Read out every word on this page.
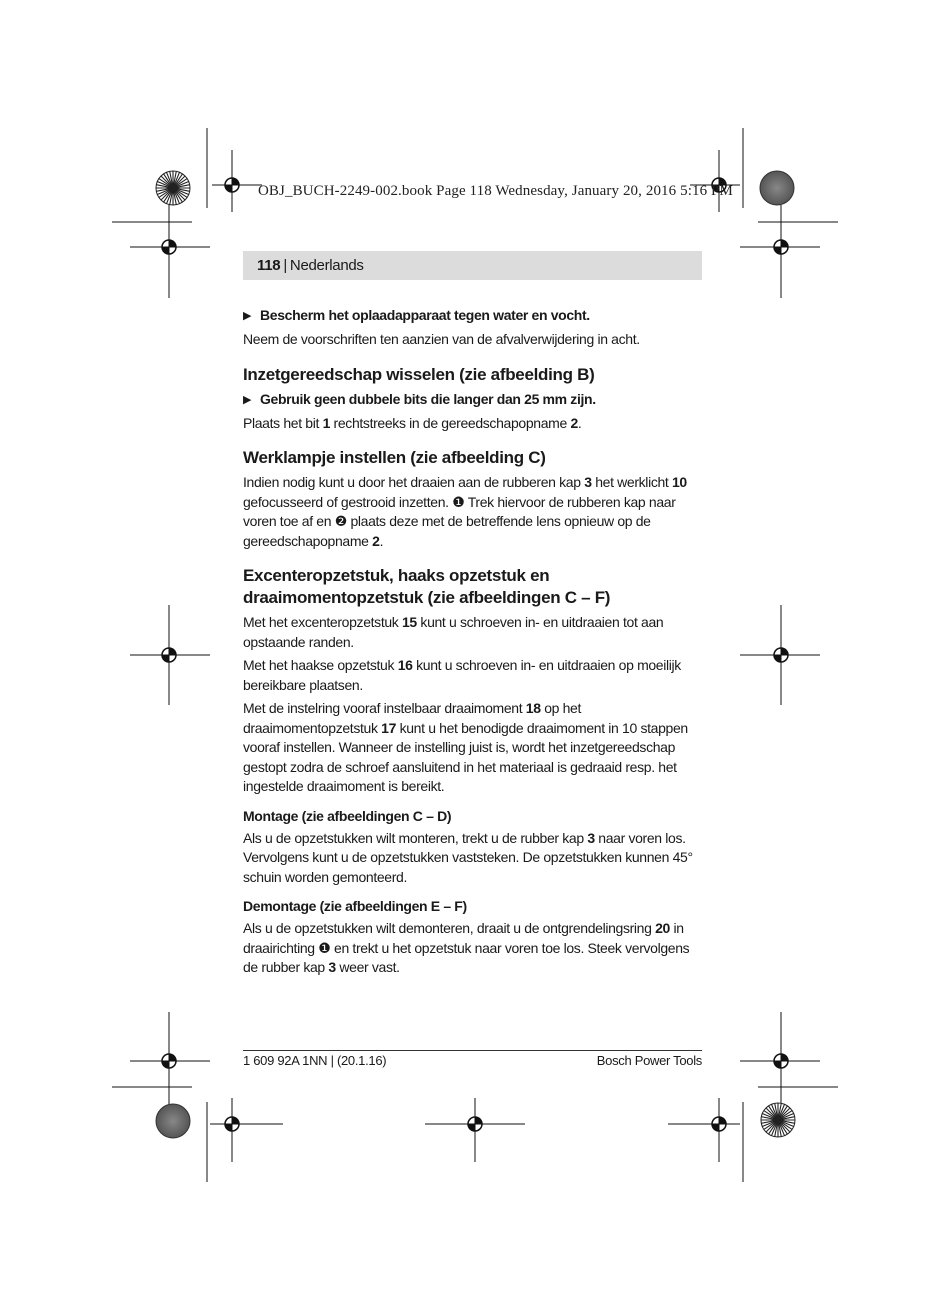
OBJ_BUCH-2249-002.book Page 118 Wednesday, January 20, 2016 5:16 PM
118 | Nederlands
▶ Bescherm het oplaadapparaat tegen water en vocht.

Neem de voorschriften ten aanzien van de afvalverwijdering in acht.

Inzetgereedschap wisselen (zie afbeelding B)
▶ Gebruik geen dubbele bits die langer dan 25 mm zijn.

Plaats het bit 1 rechtstreeks in de gereedschapopname 2.

Werklampje instellen (zie afbeelding C)

Indien nodig kunt u door het draaien aan de rubberen kap 3 het werklicht 10 gefocusseerd of gestrooid inzetten. ❶ Trek hiervoor de rubberen kap naar voren toe af en ❷ plaats deze met de betreffende lens opnieuw op de gereedschapopname 2.

Excenteropzetstuk, haaks opzetstuk en draaimomentopzetstuk (zie afbeeldingen C – F)

Met het excenteropzetstuk 15 kunt u schroeven in- en uitdraaien tot aan opstaande randen.

Met het haakse opzetstuk 16 kunt u schroeven in- en uitdraaien op moeilijk bereikbare plaatsen.

Met de instelring vooraf instelbaar draaimoment 18 op het draaimomentopzetstuk 17 kunt u het benodigde draaimoment in 10 stappen vooraf instellen. Wanneer de instelling juist is, wordt het inzetgereedschap gestopt zodra de schroef aansluitend in het materiaal is gedraaid resp. het ingestelde draaimoment is bereikt.

Montage (zie afbeeldingen C – D)

Als u de opzetstukken wilt monteren, trekt u de rubber kap 3 naar voren los. Vervolgens kunt u de opzetstukken vaststeken. De opzetstukken kunnen 45° schuin worden gemonteerd.

Demontage (zie afbeeldingen E – F)

Als u de opzetstukken wilt demonteren, draait u de ontgrendelingsring 20 in draairichting ❶ en trekt u het opzetstuk naar voren toe los. Steek vervolgens de rubber kap 3 weer vast.

1 609 92A 1NN | (20.1.16)	Bosch Power Tools
